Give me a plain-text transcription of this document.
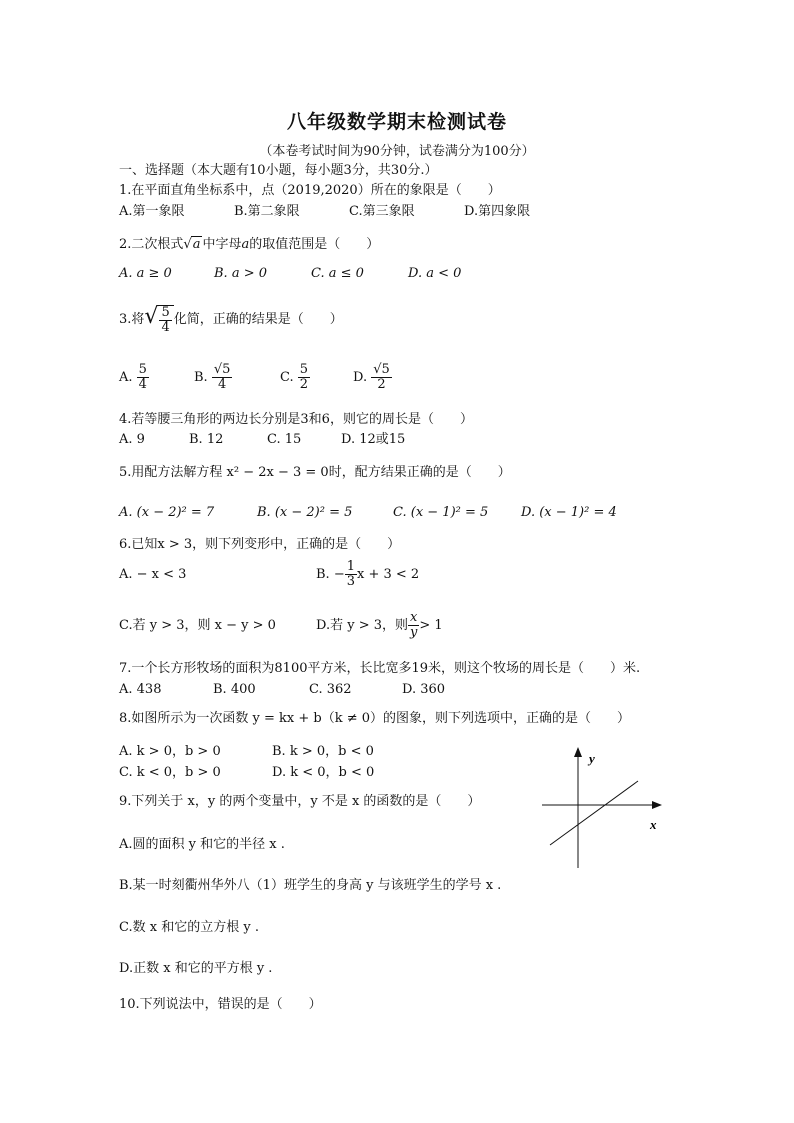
八年级数学期末检测试卷
（本卷考试时间为90分钟，试卷满分为100分）
一、选择题（本大题有10小题，每小题3分，共30分.）
1.在平面直角坐标系中，点（2019,2020）所在的象限是（　　）
A.第一象限	B.第二象限	C.第三象限	D.第四象限
2.二次根式√a 中字母a的取值范围是（　　）
A. a ≥ 0	B. a > 0	C. a ≤ 0	D. a < 0
3.将√ $\frac{5}{4}$ 化简，正确的结果是（　　）
A. $\frac{5}{4}$	B. $\frac{√5}{4}$	C. $\frac{5}{2}$	D. $\frac{√5}{2}$
4.若等腰三角形的两边长分别是3和6，则它的周长是（　　）
A. 9	B. 12	C. 15	D. 12或15
5.用配方法解方程 x² − 2x − 3 = 0时，配方结果正确的是（　　）
A. (x − 2)² = 7	B. (x − 2)² = 5	C. (x − 1)² = 5	D. (x − 1)² = 4
6.已知x > 3，则下列变形中，正确的是（　　）
A. − x < 3	B. − $\frac{1}{3}$ x + 3 < 2
C.若 y > 3，则 x − y > 0	D.若 y > 3，则 $\frac{x}{y} > 1$
7.一个长方形牧场的面积为8100平方米，长比宽多19米，则这个牧场的周长是（　　）米.
A. 438	B. 400	C. 362	D. 360
8.如图所示为一次函数 y = kx + b（k ≠ 0）的图象，则下列选项中，正确的是（　　）
A. k > 0，b > 0	B. k > 0，b < 0
C. k < 0，b > 0	D. k < 0，b < 0
y
x
9.下列关于 x，y 的两个变量中，y 不是 x 的函数的是（　　）
A.圆的面积 y 和它的半径 x .
B.某一时刻衢州华外八（1）班学生的身高 y 与该班学生的学号 x .
C.数 x 和它的立方根 y .
D.正数 x 和它的平方根 y .
10.下列说法中，错误的是（　　）
